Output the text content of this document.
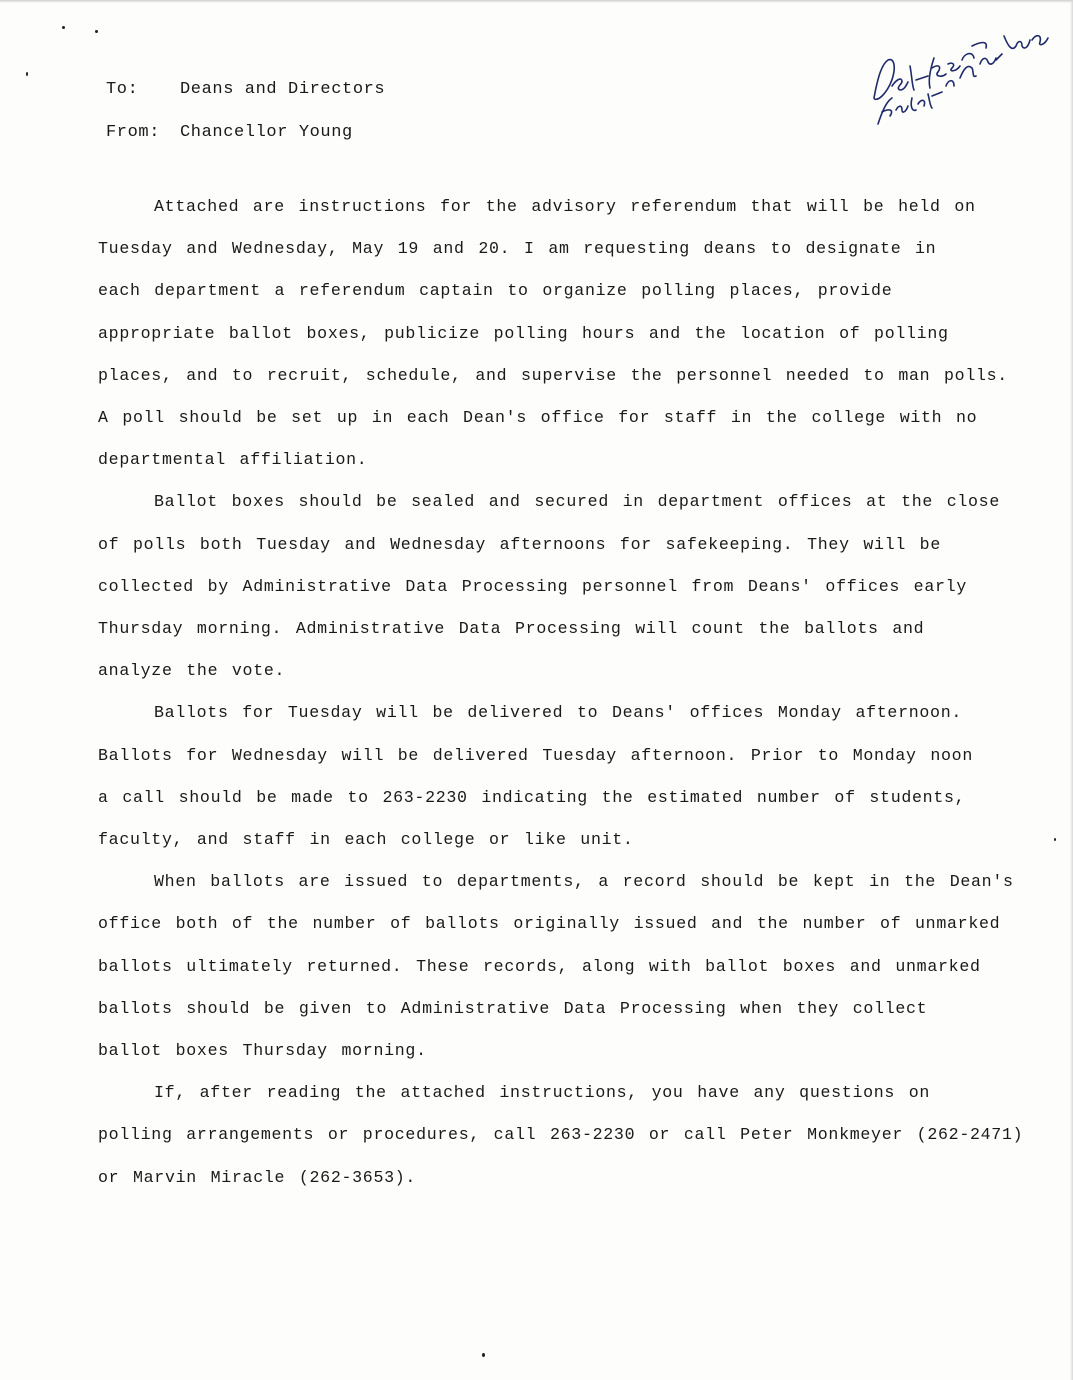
To: Deans and Directors
From: Chancellor Young
Attached are instructions for the advisory referendum that will be held on
Tuesday and Wednesday, May 19 and 20. I am requesting deans to designate in
each department a referendum captain to organize polling places, provide
appropriate ballot boxes, publicize polling hours and the location of polling
places, and to recruit, schedule, and supervise the personnel needed to man polls.
A poll should be set up in each Dean's office for staff in the college with no
departmental affiliation.
Ballot boxes should be sealed and secured in department offices at the close
of polls both Tuesday and Wednesday afternoons for safekeeping. They will be
collected by Administrative Data Processing personnel from Deans' offices early
Thursday morning. Administrative Data Processing will count the ballots and
analyze the vote.
Ballots for Tuesday will be delivered to Deans' offices Monday afternoon.
Ballots for Wednesday will be delivered Tuesday afternoon. Prior to Monday noon
a call should be made to 263-2230 indicating the estimated number of students,
faculty, and staff in each college or like unit.
When ballots are issued to departments, a record should be kept in the Dean's
office both of the number of ballots originally issued and the number of unmarked
ballots ultimately returned. These records, along with ballot boxes and unmarked
ballots should be given to Administrative Data Processing when they collect
ballot boxes Thursday morning.
If, after reading the attached instructions, you have any questions on
polling arrangements or procedures, call 263-2230 or call Peter Monkmeyer (262-2471)
or Marvin Miracle (262-3653).
